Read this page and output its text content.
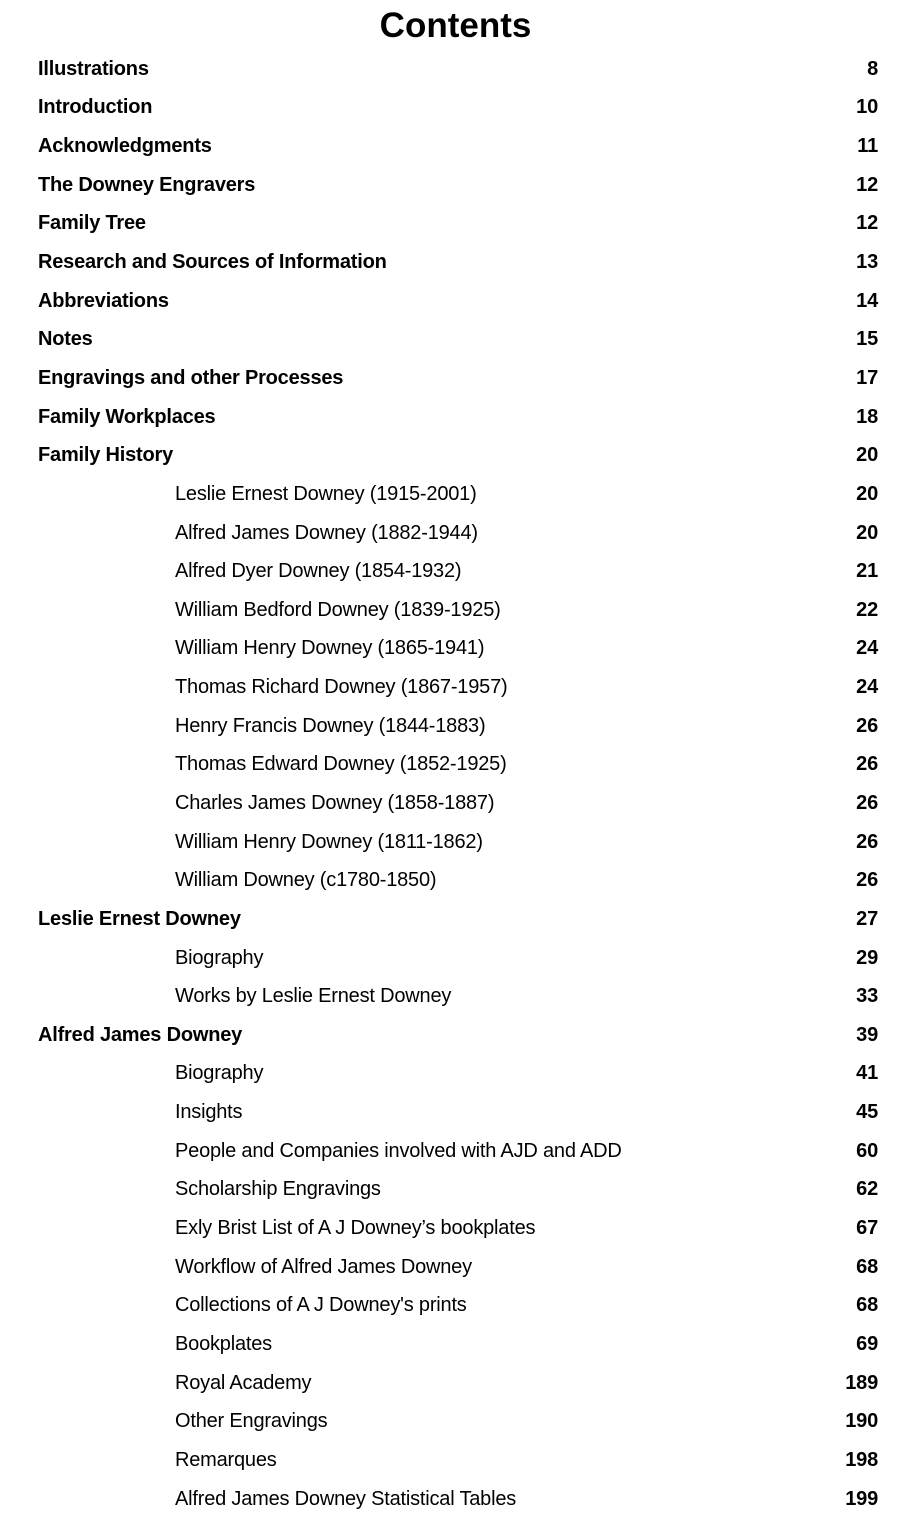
Contents
Illustrations	8
Introduction	10
Acknowledgments	11
The Downey Engravers	12
Family Tree	12
Research and Sources of Information	13
Abbreviations	14
Notes	15
Engravings and other Processes	17
Family Workplaces	18
Family History	20
Leslie Ernest Downey (1915-2001)	20
Alfred James Downey (1882-1944)	20
Alfred Dyer Downey (1854-1932)	21
William Bedford Downey (1839-1925)	22
William Henry Downey (1865-1941)	24
Thomas Richard Downey (1867-1957)	24
Henry Francis Downey (1844-1883)	26
Thomas Edward Downey (1852-1925)	26
Charles James Downey (1858-1887)	26
William Henry Downey (1811-1862)	26
William Downey (c1780-1850)	26
Leslie Ernest Downey	27
Biography	29
Works by Leslie Ernest Downey	33
Alfred James Downey	39
Biography	41
Insights	45
People and Companies involved with AJD and ADD	60
Scholarship Engravings	62
Exly Brist List of A J Downey’s bookplates	67
Workflow of Alfred James Downey	68
Collections of A J Downey's prints	68
Bookplates	69
Royal Academy	189
Other Engravings	190
Remarques	198
Alfred James Downey Statistical Tables	199
